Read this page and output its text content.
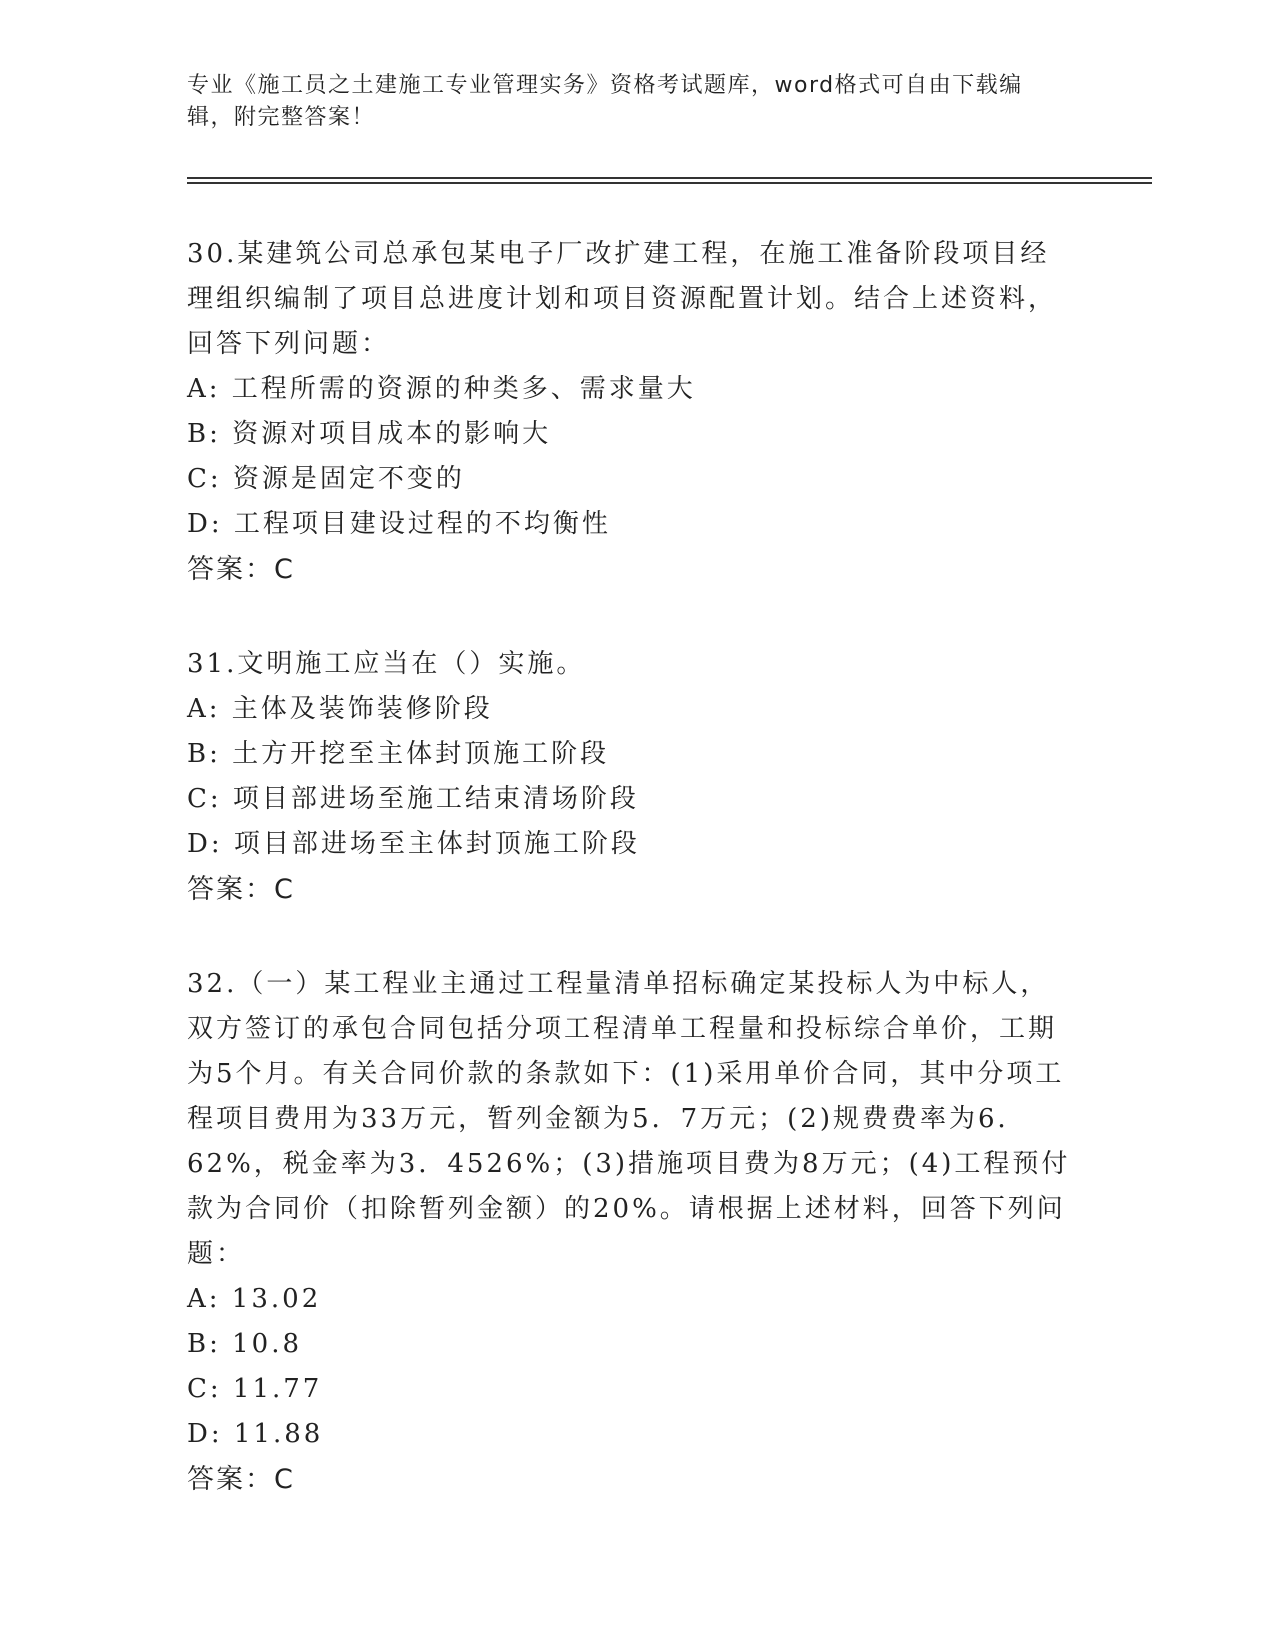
专业《施工员之土建施工专业管理实务》资格考试题库，word格式可自由下载编辑，附完整答案！

30.某建筑公司总承包某电子厂改扩建工程，在施工准备阶段项目经理组织编制了项目总进度计划和项目资源配置计划。结合上述资料，回答下列问题：

A: 工程所需的资源的种类多、需求量大
B: 资源对项目成本的影响大
C: 资源是固定不变的
D: 工程项目建设过程的不均衡性
答案：C

31.文明施工应当在（）实施。

A: 主体及装饰装修阶段
B: 土方开挖至主体封顶施工阶段
C: 项目部进场至施工结束清场阶段
D: 项目部进场至主体封顶施工阶段
答案：C

32.（一）某工程业主通过工程量清单招标确定某投标人为中标人，双方签订的承包合同包括分项工程清单工程量和投标综合单价，工期为5个月。有关合同价款的条款如下：(1)采用单价合同，其中分项工程项目费用为33万元，暂列金额为5．7万元；(2)规费费率为6．62%，税金率为3．4526%；(3)措施项目费为8万元；(4)工程预付款为合同价（扣除暂列金额）的20%。请根据上述材料，回答下列问题：

A: 13.02
B: 10.8
C: 11.77
D: 11.88
答案：C
